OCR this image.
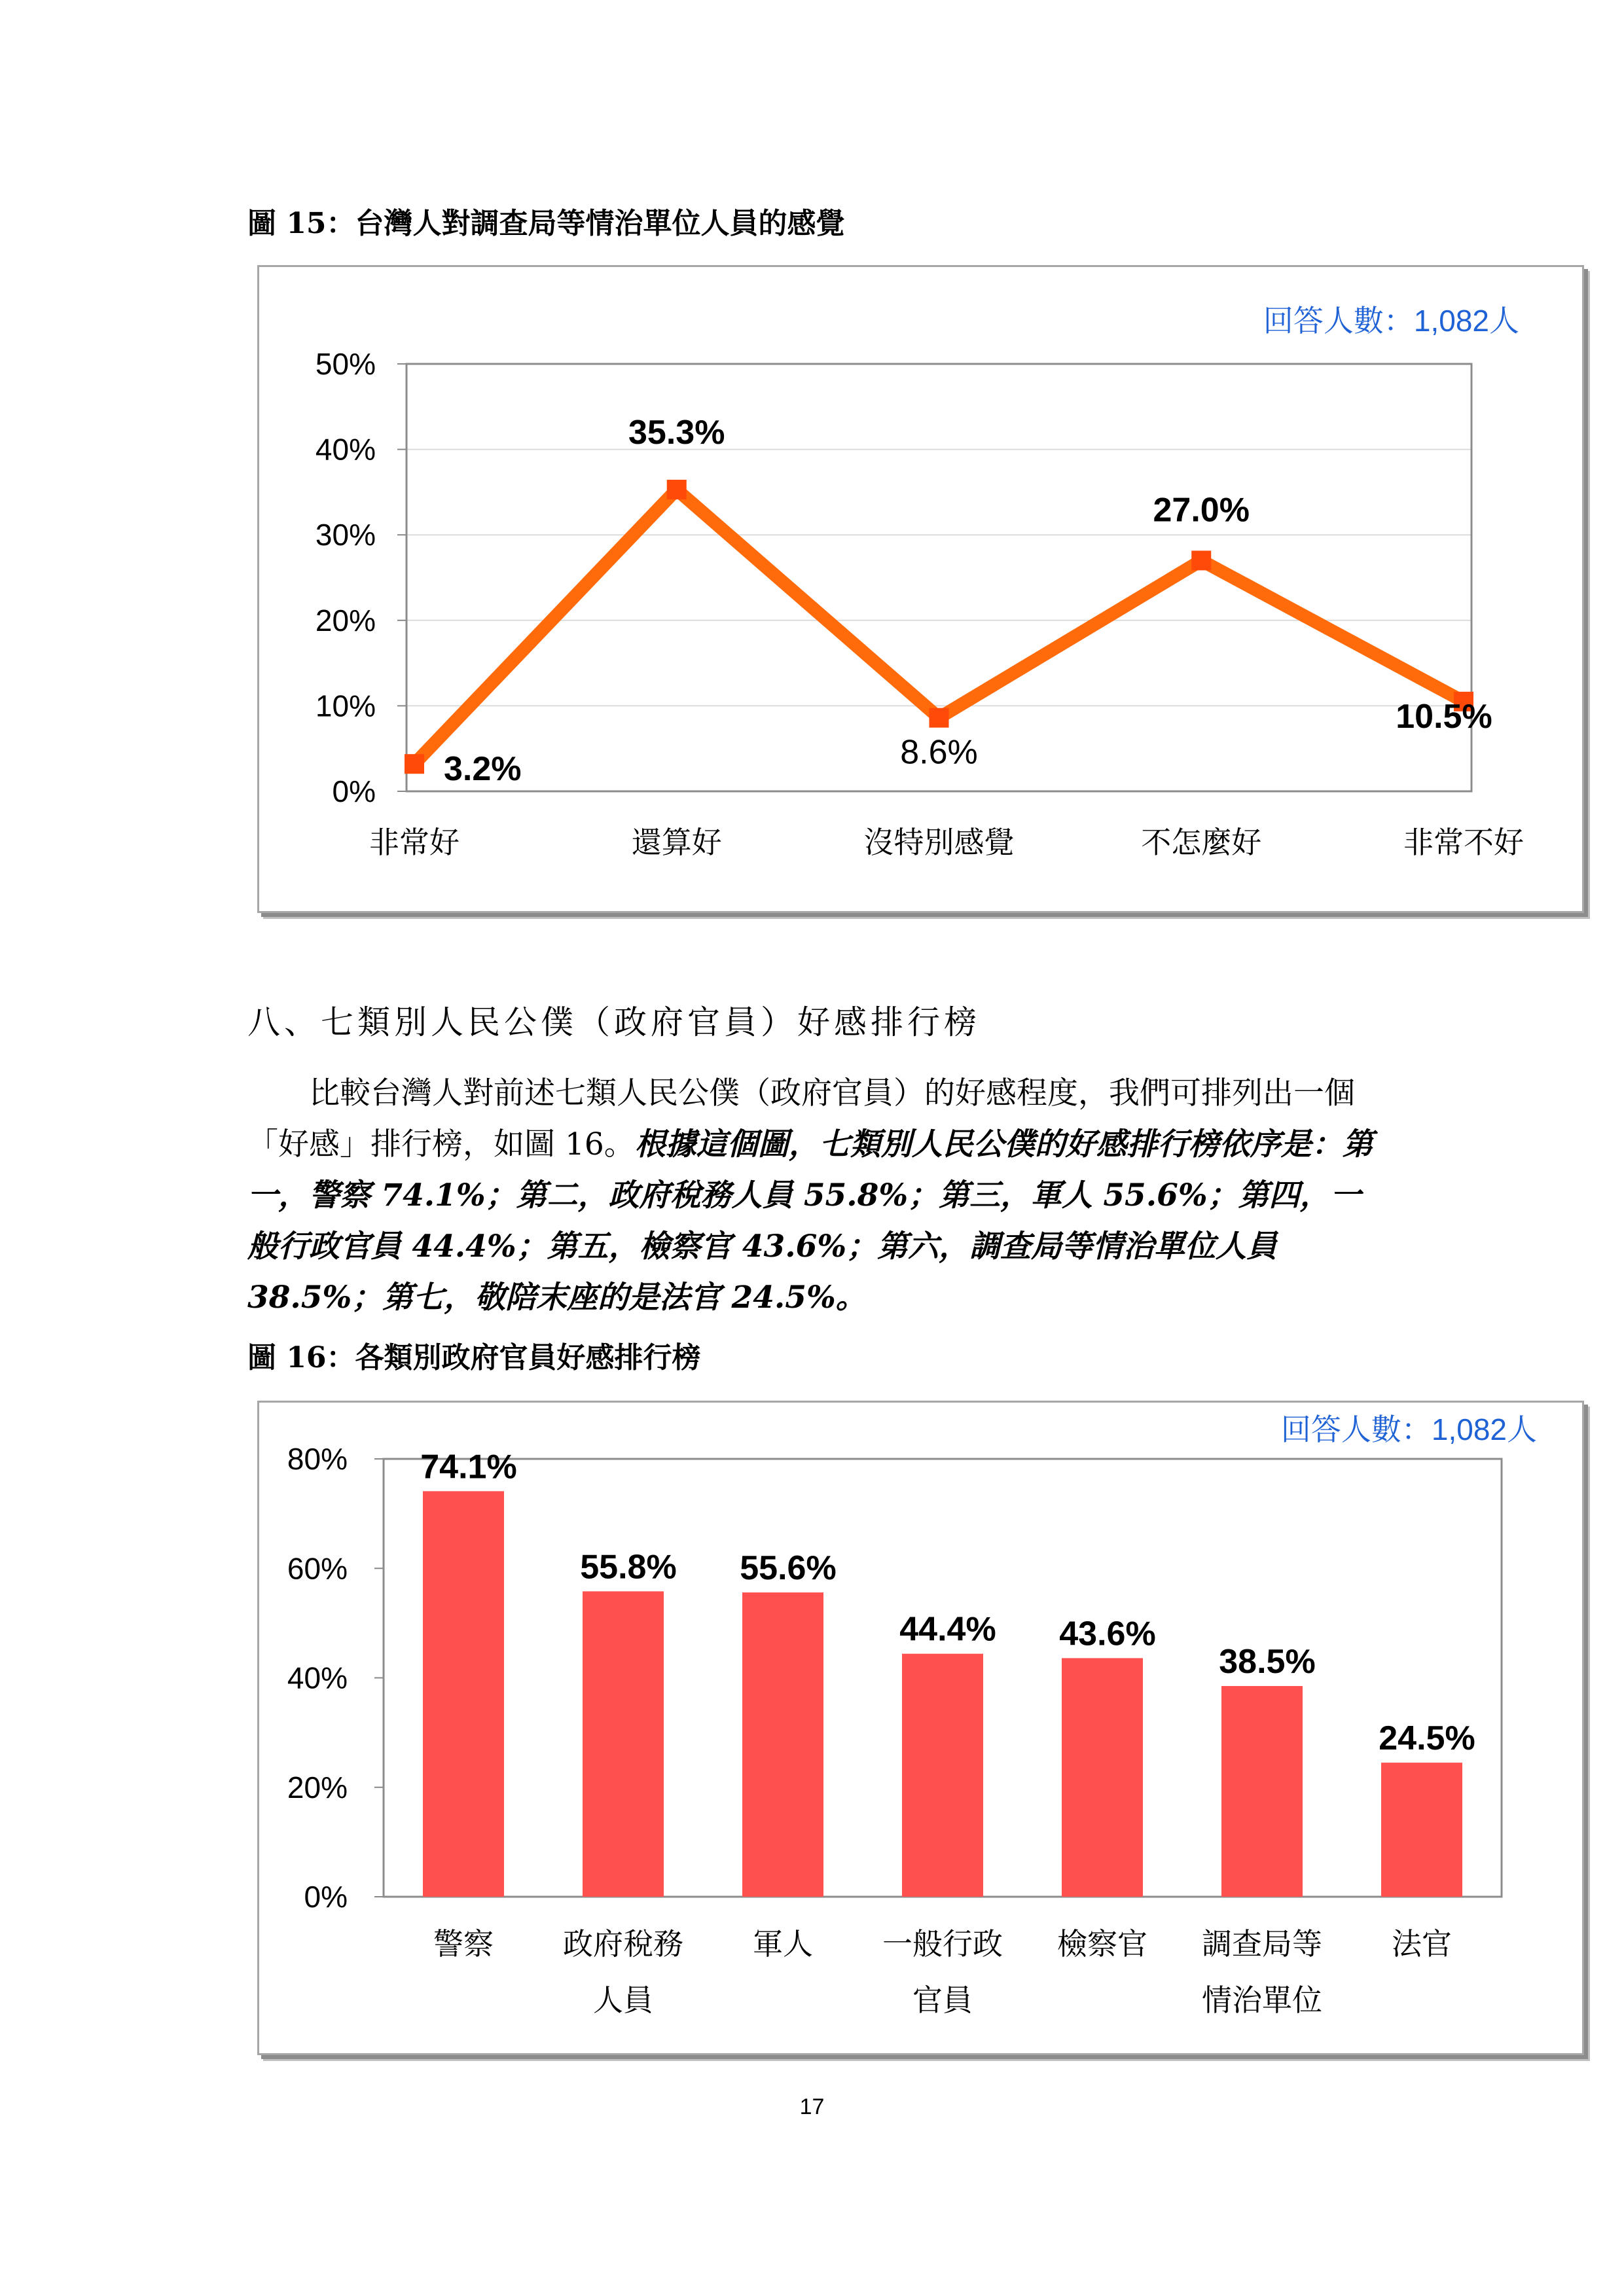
圖 15：台灣人對調查局等情治單位人員的感覺
回答人數：1,082人
0%
10%
20%
30%
40%
50%
3.2%
非常好
35.3%
還算好
8.6%
沒特別感覺
27.0%
不怎麼好
10.5%
非常不好
八、七類別人民公僕（政府官員）好感排行榜
比較台灣人對前述七類人民公僕（政府官員）的好感程度，我們可排列出一個「好感」排行榜，如圖 16。根據這個圖，七類別人民公僕的好感排行榜依序是：第一，警察 74.1%；第二，政府稅務人員 55.8%；第三，軍人 55.6%；第四，一般行政官員 44.4%；第五，檢察官 43.6%；第六，調查局等情治單位人員 38.5%；第七，敬陪末座的是法官 24.5%。
圖 16：各類別政府官員好感排行榜
回答人數：1,082人
0%
20%
40%
60%
80% 74.1%
警察
55.8%
政府稅務
人員
55.6%
軍人
44.4%
一般行政
官員
43.6%
檢察官
38.5%
調查局等
情治單位
24.5%
法官
17
